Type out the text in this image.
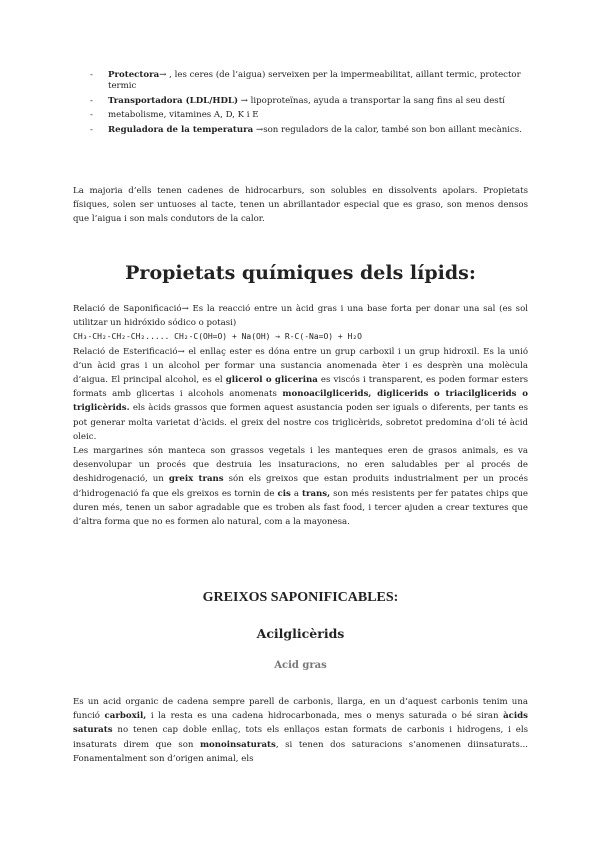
- Protectora→ , les ceres (de l’aigua) serveixen per la impermeabilitat, aillant termic, protector termic
- Transportadora (LDL/HDL) → lipoproteïnas, ayuda a transportar la sang fins al seu destí
- metabolisme, vitamines A, D, K i E
- Reguladora de la temperatura →son reguladors de la calor, també son bon aillant mecànics.

La majoria d’ells tenen cadenes de hidrocarburs, son solubles en dissolvents apolars. Propietats físiques, solen ser untuoses al tacte, tenen un abrillantador especial que es graso, son menos densos que l’aigua i son mals condutors de la calor.

Propietats químiques dels lípids:

Relació de Saponificació→ Es la reacció entre un àcid gras i una base forta per donar una sal (es sol utilitzar un hidróxido sódico o potasi)

CH₃-CH₂-CH₂-CH₂..... CH₂-C(OH=O) + Na(OH) → R-C(-Na=O) + H₂O

Relació de Esterificació→ el enllaç ester es dóna entre un grup carboxil i un grup hidroxil. Es la unió d’un àcid gras i un alcohol per formar una sustancia anomenada èter i es desprèn una molècula d’aigua. El principal alcohol, es el glicerol o glicerina es viscós i transparent, es poden formar esters formats amb glicertas i alcohols anomenats monoacilglicerids, diglicerids o triacilglicerids o triglicèrids. els àcids grassos que formen aquest asustancia poden ser iguals o diferents, per tants es pot generar molta varietat d’àcids. el greix del nostre cos triglicèrids, sobretot predomina d’oli té àcid oleic.

Les margarines són manteca son grassos vegetals i les manteques eren de grasos animals, es va desenvolupar un procés que destruia les insaturacions, no eren saludables per al procés de deshidrogenació, un greix trans són els greixos que estan produits industrialment per un procés d’hidrogenació fa que els greixos es tornin de cis a trans, son més resistents per fer patates chips que duren més, tenen un sabor agradable que es troben als fast food, i tercer ajuden a crear textures que d’altra forma que no es formen alo natural, com a la mayonesa.

GREIXOS SAPONIFICABLES:
Acilglicèrids
Acid gras

Es un acid organic de cadena sempre parell de carbonis, llarga, en un d’aquest carbonis tenim una funció carboxil, i la resta es una cadena hidrocarbonada, mes o menys saturada o bé siran àcids saturats no tenen cap doble enllaç, tots els enllaços estan formats de carbonis i hidrogens, i els insaturats direm que son monoinsaturats, si tenen dos saturacions s’anomenen diinsaturats... Fonamentalment son d’origen animal, els
